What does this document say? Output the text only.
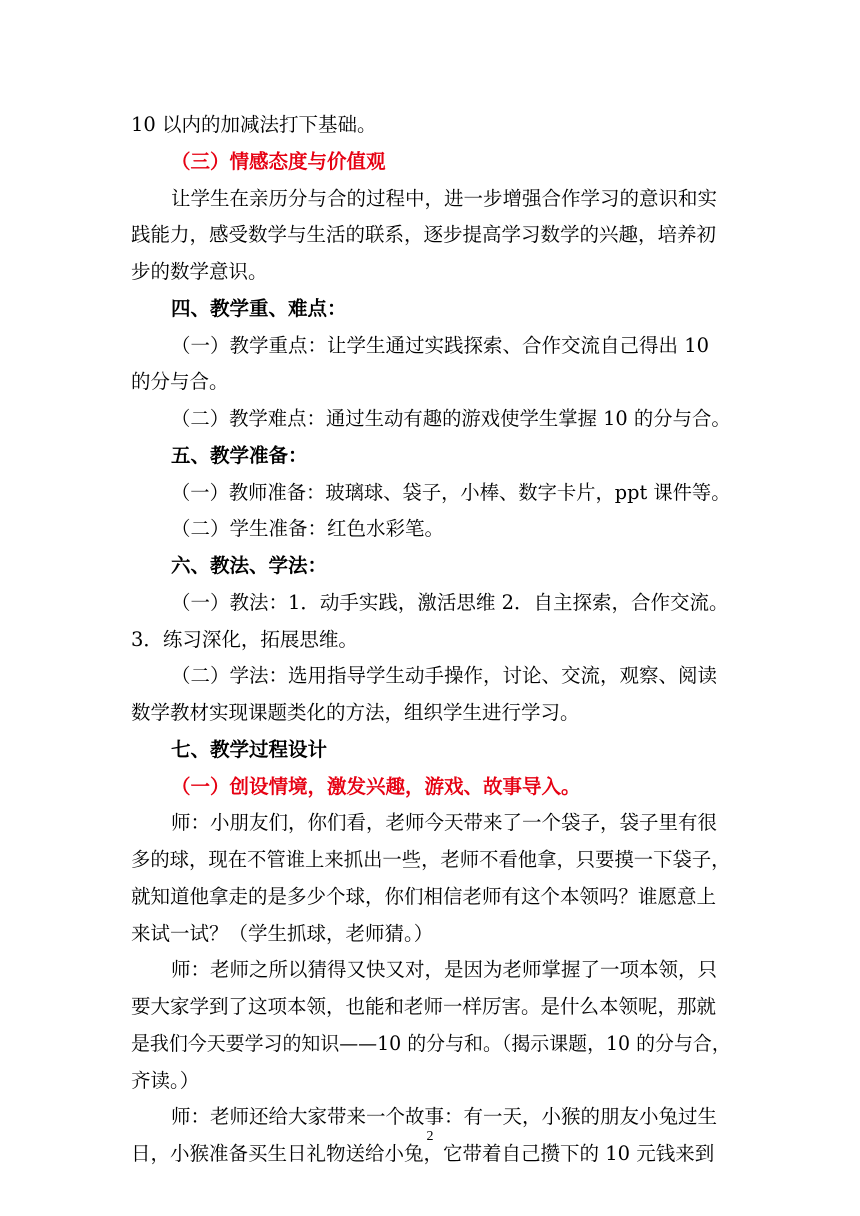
10 以内的加减法打下基础。
（三）情感态度与价值观
让学生在亲历分与合的过程中，进一步增强合作学习的意识和实
践能力，感受数学与生活的联系，逐步提高学习数学的兴趣，培养初
步的数学意识。
四、教学重、难点：
（一）教学重点：让学生通过实践探索、合作交流自己得出 10
的分与合。
（二）教学难点：通过生动有趣的游戏使学生掌握 10 的分与合。
五、教学准备：
（一）教师准备：玻璃球、袋子，小棒、数字卡片，ppt 课件等。
（二）学生准备：红色水彩笔。
六、教法、学法：
（一）教法：1．动手实践，激活思维 2．自主探索，合作交流。
3．练习深化，拓展思维。
（二）学法：选用指导学生动手操作，讨论、交流，观察、阅读
数学教材实现课题类化的方法，组织学生进行学习。
七、教学过程设计
（一）创设情境，激发兴趣，游戏、故事导入。
师：小朋友们，你们看，老师今天带来了一个袋子，袋子里有很
多的球，现在不管谁上来抓出一些，老师不看他拿，只要摸一下袋子，
就知道他拿走的是多少个球，你们相信老师有这个本领吗？谁愿意上
来试一试？（学生抓球，老师猜。）
师：老师之所以猜得又快又对，是因为老师掌握了一项本领，只
要大家学到了这项本领，也能和老师一样厉害。是什么本领呢，那就
是我们今天要学习的知识——10 的分与和。（揭示课题，10 的分与合，
齐读。）
师：老师还给大家带来一个故事：有一天，小猴的朋友小兔过生
日，小猴准备买生日礼物送给小兔，它带着自己攒下的 10 元钱来到
2
